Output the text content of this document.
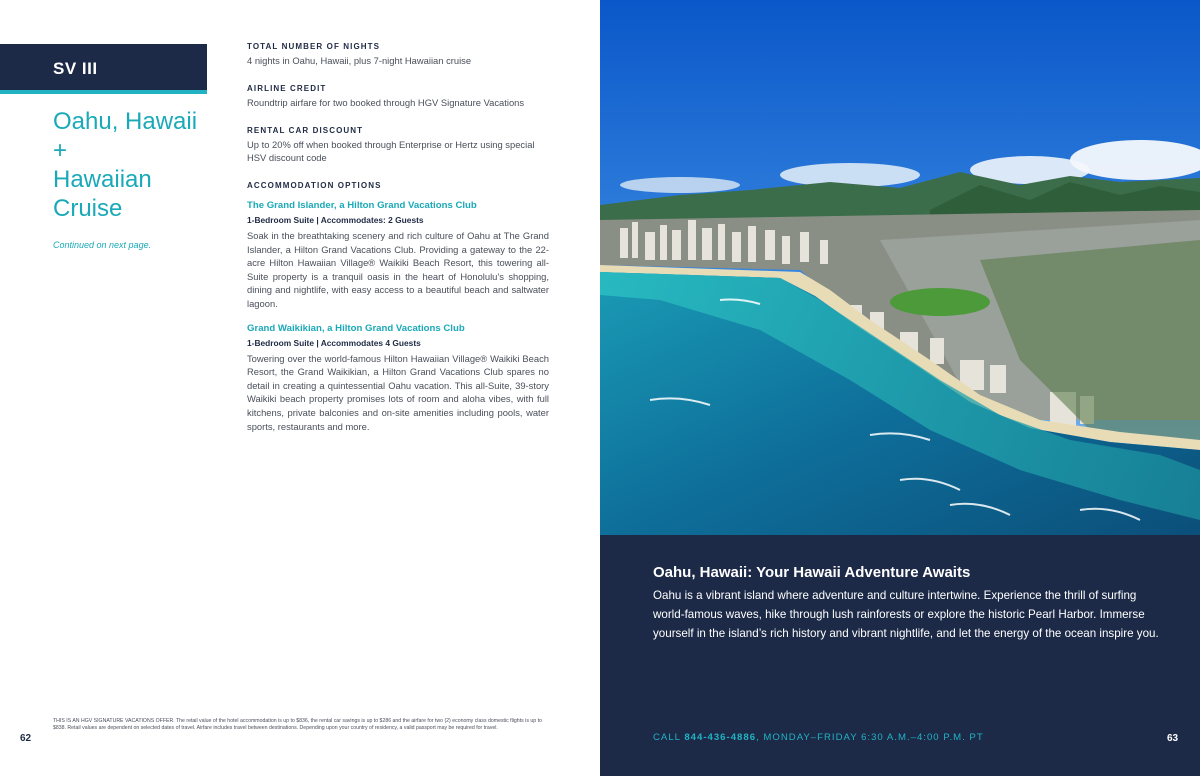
SV III
Oahu, Hawaii
+
Hawaiian
Cruise
Continued on next page.
TOTAL NUMBER OF NIGHTS
4 nights in Oahu, Hawaii, plus 7-night Hawaiian cruise
AIRLINE CREDIT
Roundtrip airfare for two booked through HGV Signature Vacations
RENTAL CAR DISCOUNT
Up to 20% off when booked through Enterprise or Hertz using special HSV discount code
ACCOMMODATION OPTIONS
The Grand Islander, a Hilton Grand Vacations Club
1-Bedroom Suite | Accommodates: 2 Guests
Soak in the breathtaking scenery and rich culture of Oahu at The Grand Islander, a Hilton Grand Vacations Club. Providing a gateway to the 22-acre Hilton Hawaiian Village® Waikiki Beach Resort, this towering all-Suite property is a tranquil oasis in the heart of Honolulu’s shopping, dining and nightlife, with easy access to a beautiful beach and saltwater lagoon.
Grand Waikikian, a Hilton Grand Vacations Club
1-Bedroom Suite | Accommodates 4 Guests
Towering over the world-famous Hilton Hawaiian Village® Waikiki Beach Resort, the Grand Waikikian, a Hilton Grand Vacations Club spares no detail in creating a quintessential Oahu vacation. This all-Suite, 39-story Waikiki beach property promises lots of room and aloha vibes, with full kitchens, private balconies and on-site amenities including pools, water sports, restaurants and more.
62
THIS IS AN HGV SIGNATURE VACATIONS OFFER. The retail value of the hotel accommodation is up to $836, the rental car savings is up to $286 and the airfare for two (2) economy class domestic flights is up to $838. Retail values are dependent on selected dates of travel. Airfare includes travel between destinations. Depending upon your country of residency, a valid passport may be required for travel.
Oahu, Hawaii: Your Hawaii Adventure Awaits
Oahu is a vibrant island where adventure and culture intertwine. Experience the thrill of surfing world-famous waves, hike through lush rainforests or explore the historic Pearl Harbor. Immerse yourself in the island’s rich history and vibrant nightlife, and let the energy of the ocean inspire you.
CALL 844-436-4886, MONDAY–FRIDAY 6:30 A.M.–4:00 P.M. PT	63
